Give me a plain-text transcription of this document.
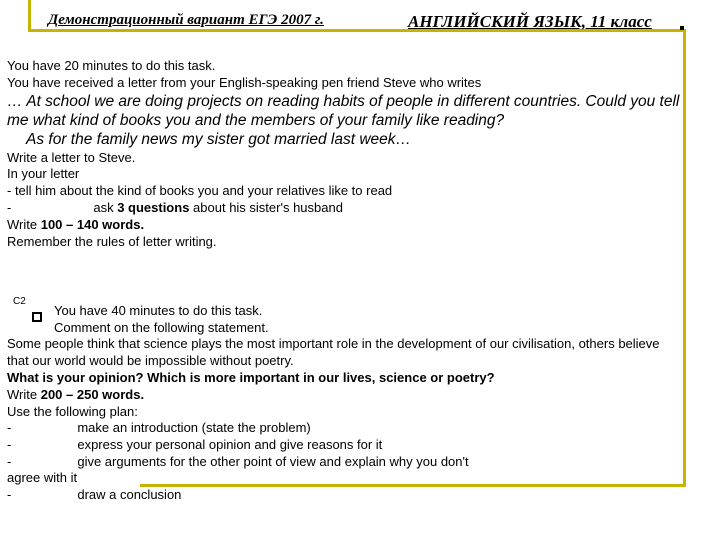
Демонстрационный вариант ЕГЭ 2007 г.	АНГЛИЙСКИЙ ЯЗЫК, 11 класс
You have 20 minutes to do this task.
You have received a letter from your English-speaking pen friend Steve who writes
… At school we are doing projects on reading habits of people in different countries. Could you tell
me what kind of books you and the members of your family like reading?
As for the family news my sister got married last week…
Write a letter to Steve.
In your letter
- tell him about the kind of books you and your relatives like to read
-	ask 3 questions about his sister's husband
Write 100 – 140 words.
Remember the rules of letter writing.
C2
You have 40 minutes to do this task.
Comment on the following statement.
Some people think that science plays the most important role in the development of our civilisation, others believe
that our world would be impossible without poetry.
What is your opinion? Which is more important in our lives, science or poetry?
Write 200 – 250 words.
Use the following plan:
-	make an introduction (state the problem)
-	express your personal opinion and give reasons for it
-	give arguments for the other point of view and explain why you don't
agree with it
-	draw a conclusion
